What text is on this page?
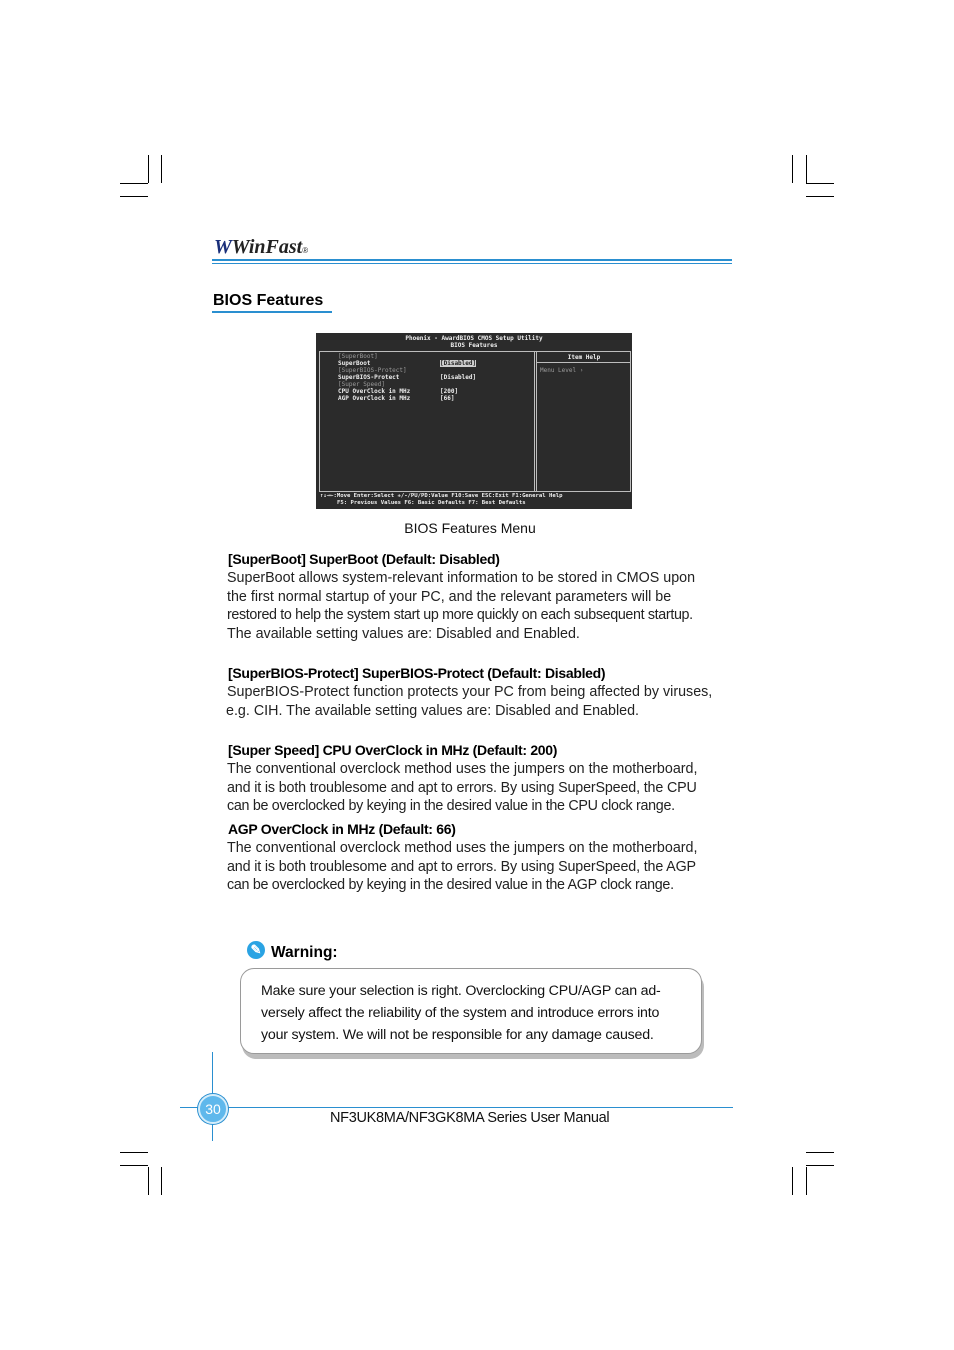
W WinFast ®
BIOS Features
Phoenix - AwardBIOS CMOS Setup Utility
BIOS Features
[SuperBoot]
SuperBoot	[Disabled]
[SuperBIOS-Protect]
SuperBIOS-Protect	[Disabled]
[Super Speed]
CPU OverClock in MHz	[200]
AGP OverClock in MHz	[66]
Item Help
Menu Level ›
↑↓→←:Move Enter:Select +/-/PU/PD:Value F10:Save ESC:Exit F1:General Help
F5: Previous Values F6: Basic Defaults F7: Best Defaults
BIOS Features Menu
[SuperBoot] SuperBoot (Default: Disabled)
SuperBoot allows system-relevant information to be stored in CMOS upon
the first normal startup of your PC, and the relevant parameters will be
restored to help the system start up more quickly on each subsequent startup.
The available setting values are: Disabled and Enabled.
[SuperBIOS-Protect] SuperBIOS-Protect (Default: Disabled)
SuperBIOS-Protect function protects your PC from being affected by viruses,
e.g. CIH. The available setting values are: Disabled and Enabled.
[Super Speed] CPU OverClock in MHz (Default: 200)
The conventional overclock method uses the jumpers on the motherboard,
and it is both troublesome and apt to errors. By using SuperSpeed, the CPU
can be overclocked by keying in the desired value in the CPU clock range.
AGP OverClock in MHz (Default: 66)
The conventional overclock method uses the jumpers on the motherboard,
and it is both troublesome and apt to errors. By using SuperSpeed, the AGP
can be overclocked by keying in the desired value in the AGP clock range.
✎ Warning:
Make sure your selection is right. Overclocking CPU/AGP can ad-
versely affect the reliability of the system and introduce errors into
your system. We will not be responsible for any damage caused.
30
NF3UK8MA/NF3GK8MA Series User Manual
